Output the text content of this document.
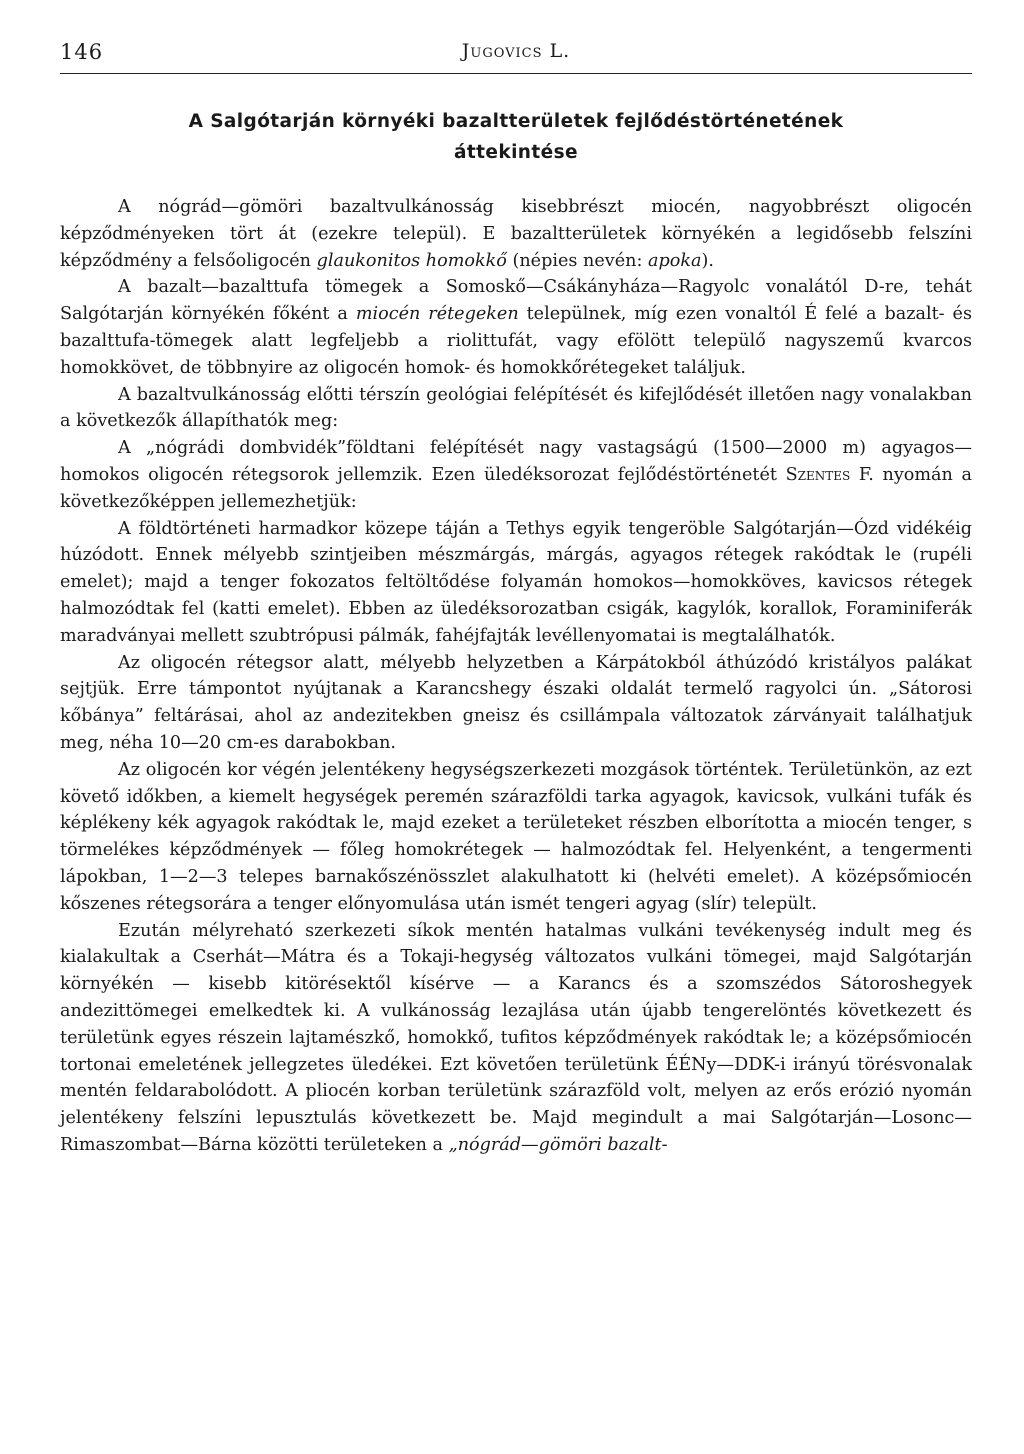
146	Jugovics L.
A Salgótarján környéki bazaltterületek fejlődéstörténetének
áttekintése

A nógrád—gömöri bazaltvulkánosság kisebbrészt miocén, nagyobbrészt oligocén képződményeken tört át (ezekre települ). E bazaltterületek környékén a legidősebb felszíni képződmény a felsőoligocén glaukonitos homokkő (népies nevén: apoka).

A bazalt—bazalttufa tömegek a Somoskő—Csákányháza—Ragyolc vonalától D-re, tehát Salgótarján környékén főként a miocén rétegeken települnek, míg ezen vonaltól É felé a bazalt- és bazalttufa-tömegek alatt legfeljebb a riolittufát, vagy efölött települő nagyszemű kvarcos homokkövet, de többnyire az oligocén homok- és homokkőrétegeket találjuk.

A bazaltvulkánosság előtti térszín geológiai felépítését és kifejlődését illetően nagy vonalakban a következők állapíthatók meg:

A „nógrádi dombvidék”földtani felépítését nagy vastagságú (1500—2000 m) agyagos—homokos oligocén rétegsorok jellemzik. Ezen üledéksorozat fejlődéstörténetét Szentes F. nyomán a következőképpen jellemezhetjük:

A földtörténeti harmadkor közepe táján a Tethys egyik tengeröble Salgótarján—Ózd vidékéig húzódott. Ennek mélyebb szintjeiben mészmárgás, márgás, agyagos rétegek rakódtak le (rupéli emelet); majd a tenger fokozatos feltöltődése folyamán homokos—homokköves, kavicsos rétegek halmozódtak fel (katti emelet). Ebben az üledéksorozatban csigák, kagylók, korallok, Foraminiferák maradványai mellett szubtrópusi pálmák, fahéjfajták levéllenyomatai is megtalálhatók.

Az oligocén rétegsor alatt, mélyebb helyzetben a Kárpátokból áthúzódó kristályos palákat sejtjük. Erre támpontot nyújtanak a Karancshegy északi oldalát termelő ragyolci ún. „Sátorosi kőbánya” feltárásai, ahol az andezitekben gneisz és csillámpala változatok zárványait találhatjuk meg, néha 10—20 cm-es darabokban.

Az oligocén kor végén jelentékeny hegységszerkezeti mozgások történtek. Területünkön, az ezt követő időkben, a kiemelt hegységek peremén szárazföldi tarka agyagok, kavicsok, vulkáni tufák és képlékeny kék agyagok rakódtak le, majd ezeket a területeket részben elborította a miocén tenger, s törmelékes képződmények — főleg homokrétegek — halmozódtak fel. Helyenként, a tengermenti lápokban, 1—2—3 telepes barnakőszénösszlet alakulhatott ki (helvéti emelet). A középsőmiocén kőszenes rétegsorára a tenger előnyomulása után ismét tengeri agyag (slír) települt.

Ezután mélyreható szerkezeti síkok mentén hatalmas vulkáni tevékenység indult meg és kialakultak a Cserhát—Mátra és a Tokaji-hegység változatos vulkáni tömegei, majd Salgótarján környékén — kisebb kitörésektől kísérve — a Karancs és a szomszédos Sátoroshegyek andezittömegei emelkedtek ki. A vulkánosság lezajlása után újabb tengerelöntés következett és területünk egyes részein lajtamészkő, homokkő, tufitos képződmények rakódtak le; a középsőmiocén tortonai emeletének jellegzetes üledékei. Ezt követően területünk ÉÉNy—DDK-i irányú törésvonalak mentén feldarabolódott. A pliocén korban területünk szárazföld volt, melyen az erős erózió nyomán jelentékeny felszíni lepusztulás következett be. Majd megindult a mai Salgótarján—Losonc—Rimaszombat—Bárna közötti területeken a „nógrád—gömöri bazalt-
